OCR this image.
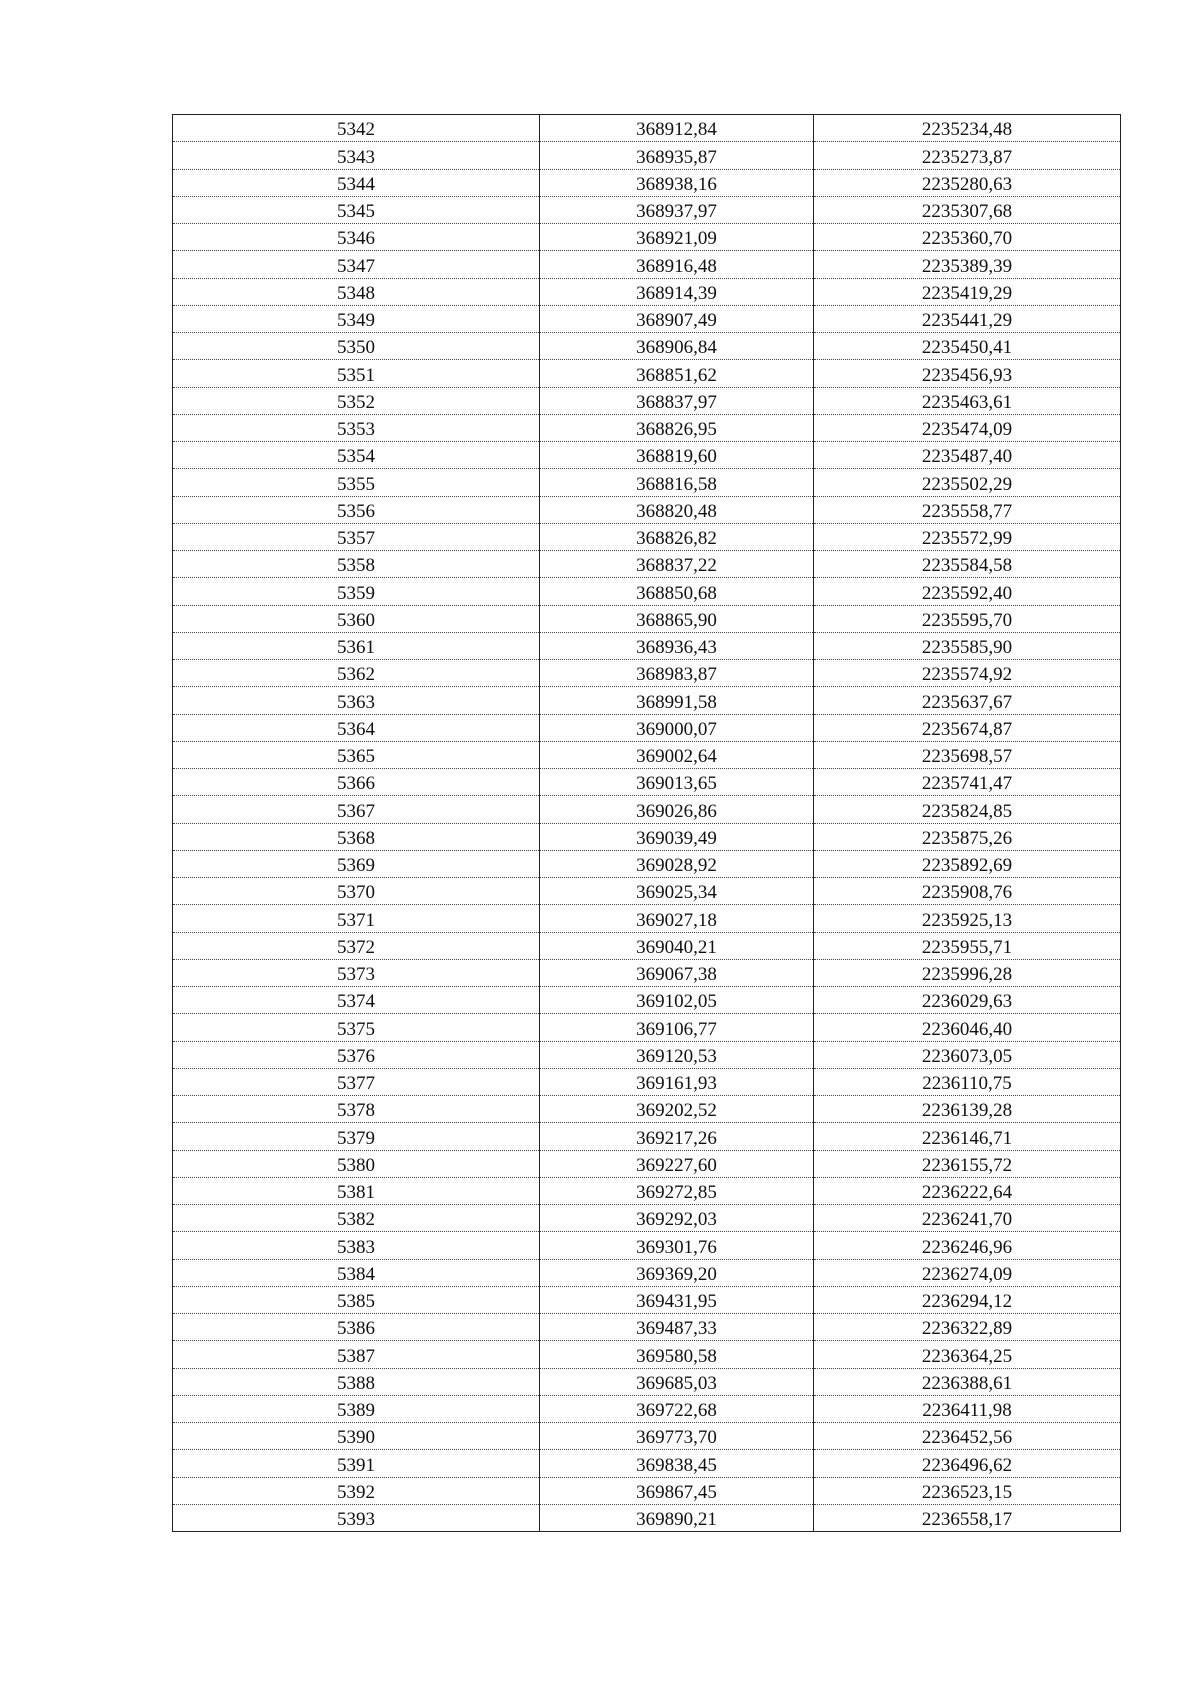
5342	368912,84	2235234,48
5343	368935,87	2235273,87
5344	368938,16	2235280,63
5345	368937,97	2235307,68
5346	368921,09	2235360,70
5347	368916,48	2235389,39
5348	368914,39	2235419,29
5349	368907,49	2235441,29
5350	368906,84	2235450,41
5351	368851,62	2235456,93
5352	368837,97	2235463,61
5353	368826,95	2235474,09
5354	368819,60	2235487,40
5355	368816,58	2235502,29
5356	368820,48	2235558,77
5357	368826,82	2235572,99
5358	368837,22	2235584,58
5359	368850,68	2235592,40
5360	368865,90	2235595,70
5361	368936,43	2235585,90
5362	368983,87	2235574,92
5363	368991,58	2235637,67
5364	369000,07	2235674,87
5365	369002,64	2235698,57
5366	369013,65	2235741,47
5367	369026,86	2235824,85
5368	369039,49	2235875,26
5369	369028,92	2235892,69
5370	369025,34	2235908,76
5371	369027,18	2235925,13
5372	369040,21	2235955,71
5373	369067,38	2235996,28
5374	369102,05	2236029,63
5375	369106,77	2236046,40
5376	369120,53	2236073,05
5377	369161,93	2236110,75
5378	369202,52	2236139,28
5379	369217,26	2236146,71
5380	369227,60	2236155,72
5381	369272,85	2236222,64
5382	369292,03	2236241,70
5383	369301,76	2236246,96
5384	369369,20	2236274,09
5385	369431,95	2236294,12
5386	369487,33	2236322,89
5387	369580,58	2236364,25
5388	369685,03	2236388,61
5389	369722,68	2236411,98
5390	369773,70	2236452,56
5391	369838,45	2236496,62
5392	369867,45	2236523,15
5393	369890,21	2236558,17
